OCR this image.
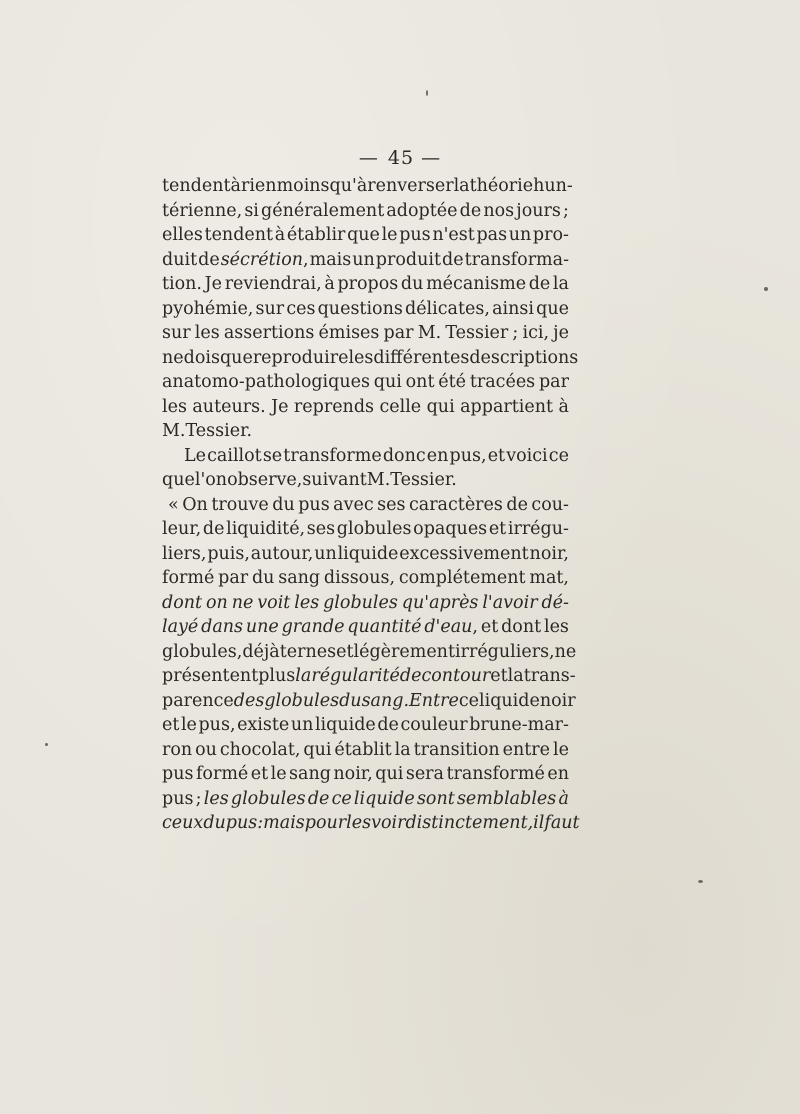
— 45 —
tendent à rien moins qu'à renverser la théorie hun-
térienne, si généralement adoptée de nos jours ;
elles tendent à établir que le pus n'est pas un pro-
duit de sécrétion, mais un produit de transforma-
tion. Je reviendrai, à propos du mécanisme de la
pyohémie, sur ces questions délicates, ainsi que
sur les assertions émises par M. Tessier ; ici, je
ne dois que reproduire les différentes descriptions
anatomo-pathologiques qui ont été tracées par
les auteurs. Je reprends celle qui appartient à
M. Tessier.
Le caillot se transforme donc en pus, et voici ce
que l'on observe, suivant M. Tessier.
« On trouve du pus avec ses caractères de cou-
leur, de liquidité, ses globules opaques et irrégu-
liers, puis, autour, un liquide excessivement noir,
formé par du sang dissous, complétement mat,
dont on ne voit les globules qu'après l'avoir dé-
layé dans une grande quantité d'eau, et dont les
globules, déjà ternes et légèrement irréguliers, ne
présentent plus la régularité de contour et la trans-
parence des globules du sang. Entre ce liquide noir
et le pus, existe un liquide de couleur brune-mar-
ron ou chocolat, qui établit la transition entre le
pus formé et le sang noir, qui sera transformé en
pus ; les globules de ce liquide sont semblables à
ceux du pus : mais pour les voir distinctement, il faut
